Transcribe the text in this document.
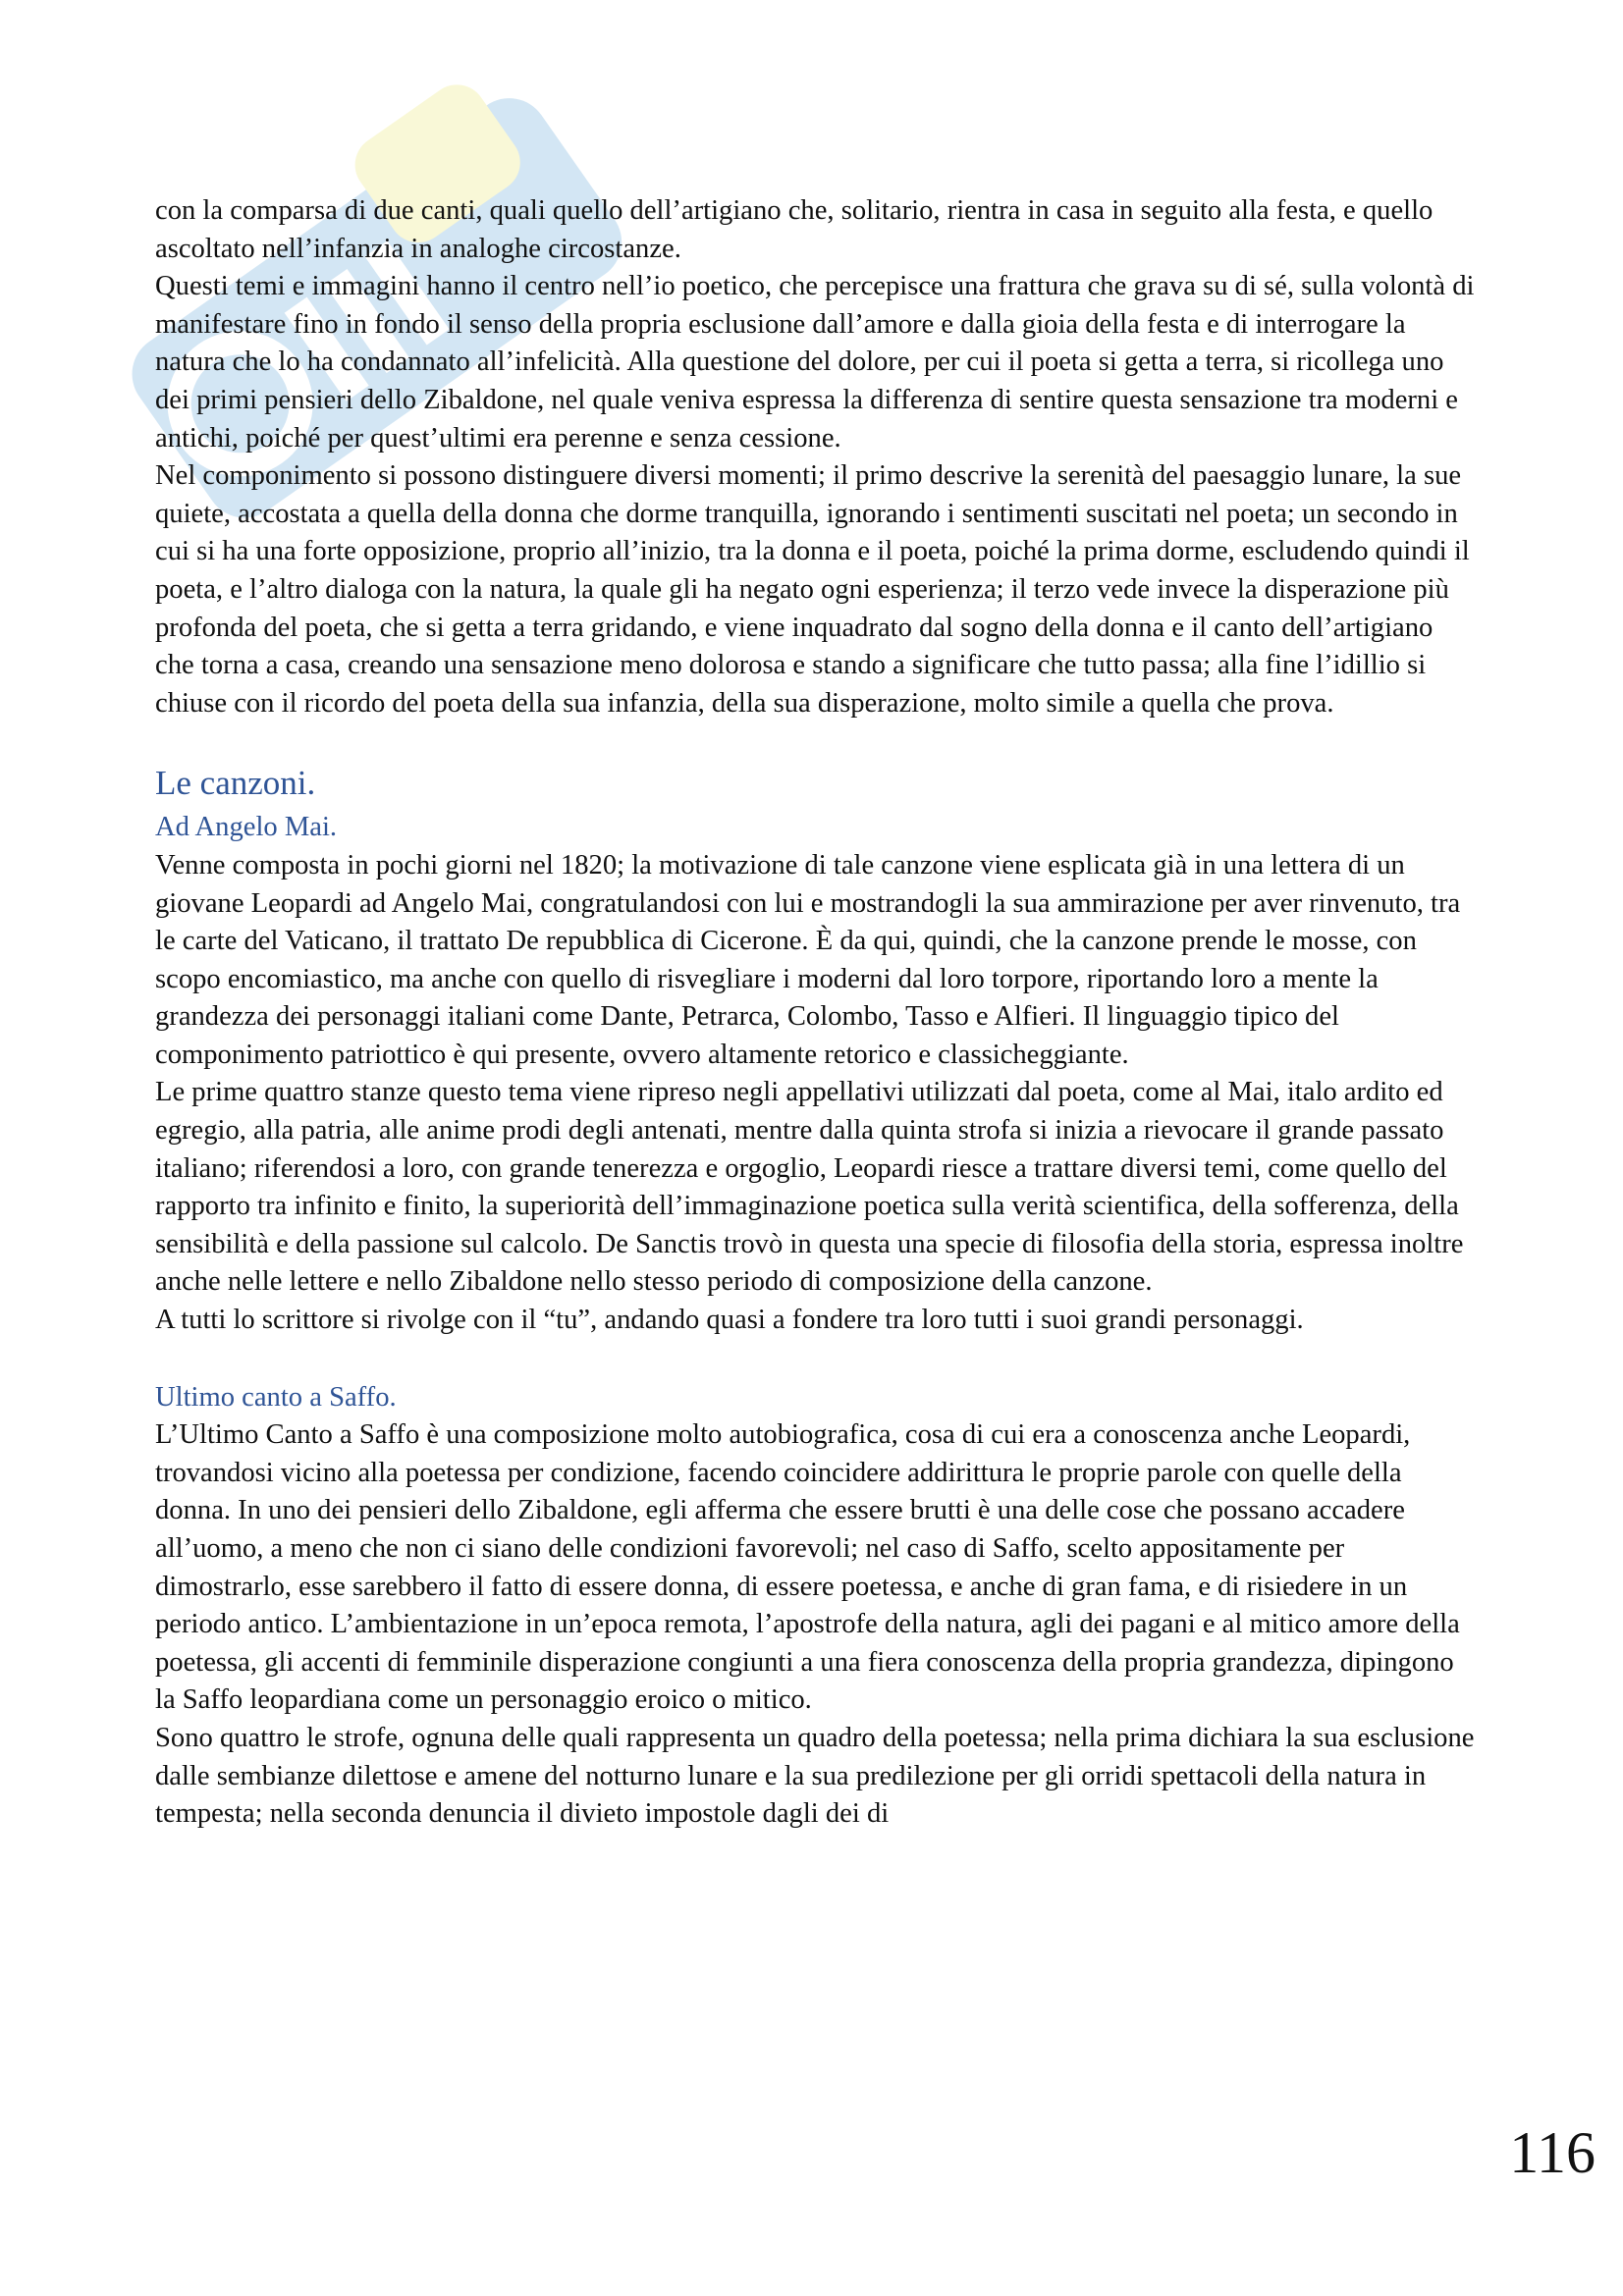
con la comparsa di due canti, quali quello dell’artigiano che, solitario, rientra in casa in seguito alla festa, e quello ascoltato nell’infanzia in analoghe circostanze.

Questi temi e immagini hanno il centro nell’io poetico, che percepisce una frattura che grava su di sé, sulla volontà di manifestare fino in fondo il senso della propria esclusione dall’amore e dalla gioia della festa e di interrogare la natura che lo ha condannato all’infelicità. Alla questione del dolore, per cui il poeta si getta a terra, si ricollega uno dei primi pensieri dello Zibaldone, nel quale veniva espressa la differenza di sentire questa sensazione tra moderni e antichi, poiché per quest’ultimi era perenne e senza cessione.

Nel componimento si possono distinguere diversi momenti; il primo descrive la serenità del paesaggio lunare, la sue quiete, accostata a quella della donna che dorme tranquilla, ignorando i sentimenti suscitati nel poeta; un secondo in cui si ha una forte opposizione, proprio all’inizio, tra la donna e il poeta, poiché la prima dorme, escludendo quindi il poeta, e l’altro dialoga con la natura, la quale gli ha negato ogni esperienza; il terzo vede invece la disperazione più profonda del poeta, che si getta a terra gridando, e viene inquadrato dal sogno della donna e il canto dell’artigiano che torna a casa, creando una sensazione meno dolorosa e stando a significare che tutto passa; alla fine l’idillio si chiuse con il ricordo del poeta della sua infanzia, della sua disperazione, molto simile a quella che prova.

Le canzoni.
Ad Angelo Mai.

Venne composta in pochi giorni nel 1820; la motivazione di tale canzone viene esplicata già in una lettera di un giovane Leopardi ad Angelo Mai, congratulandosi con lui e mostrandogli la sua ammirazione per aver rinvenuto, tra le carte del Vaticano, il trattato De repubblica di Cicerone. È da qui, quindi, che la canzone prende le mosse, con scopo encomiastico, ma anche con quello di risvegliare i moderni dal loro torpore, riportando loro a mente la grandezza dei personaggi italiani come Dante, Petrarca, Colombo, Tasso e Alfieri. Il linguaggio tipico del componimento patriottico è qui presente, ovvero altamente retorico e classicheggiante.

Le prime quattro stanze questo tema viene ripreso negli appellativi utilizzati dal poeta, come al Mai, italo ardito ed egregio, alla patria, alle anime prodi degli antenati, mentre dalla quinta strofa si inizia a rievocare il grande passato italiano; riferendosi a loro, con grande tenerezza e orgoglio, Leopardi riesce a trattare diversi temi, come quello del rapporto tra infinito e finito, la superiorità dell’immaginazione poetica sulla verità scientifica, della sofferenza, della sensibilità e della passione sul calcolo. De Sanctis trovò in questa una specie di filosofia della storia, espressa inoltre anche nelle lettere e nello Zibaldone nello stesso periodo di composizione della canzone.

A tutti lo scrittore si rivolge con il “tu”, andando quasi a fondere tra loro tutti i suoi grandi personaggi.

Ultimo canto a Saffo.

L’Ultimo Canto a Saffo è una composizione molto autobiografica, cosa di cui era a conoscenza anche Leopardi, trovandosi vicino alla poetessa per condizione, facendo coincidere addirittura le proprie parole con quelle della donna. In uno dei pensieri dello Zibaldone, egli afferma che essere brutti è una delle cose che possano accadere all’uomo, a meno che non ci siano delle condizioni favorevoli; nel caso di Saffo, scelto appositamente per dimostrarlo, esse sarebbero il fatto di essere donna, di essere poetessa, e anche di gran fama, e di risiedere in un periodo antico. L’ambientazione in un’epoca remota, l’apostrofe della natura, agli dei pagani e al mitico amore della poetessa, gli accenti di femminile disperazione congiunti a una fiera conoscenza della propria grandezza, dipingono la Saffo leopardiana come un personaggio eroico o mitico.

Sono quattro le strofe, ognuna delle quali rappresenta un quadro della poetessa; nella prima dichiara la sua esclusione dalle sembianze dilettose e amene del notturno lunare e la sua predilezione per gli orridi spettacoli della natura in tempesta; nella seconda denuncia il divieto impostole dagli dei di

116
